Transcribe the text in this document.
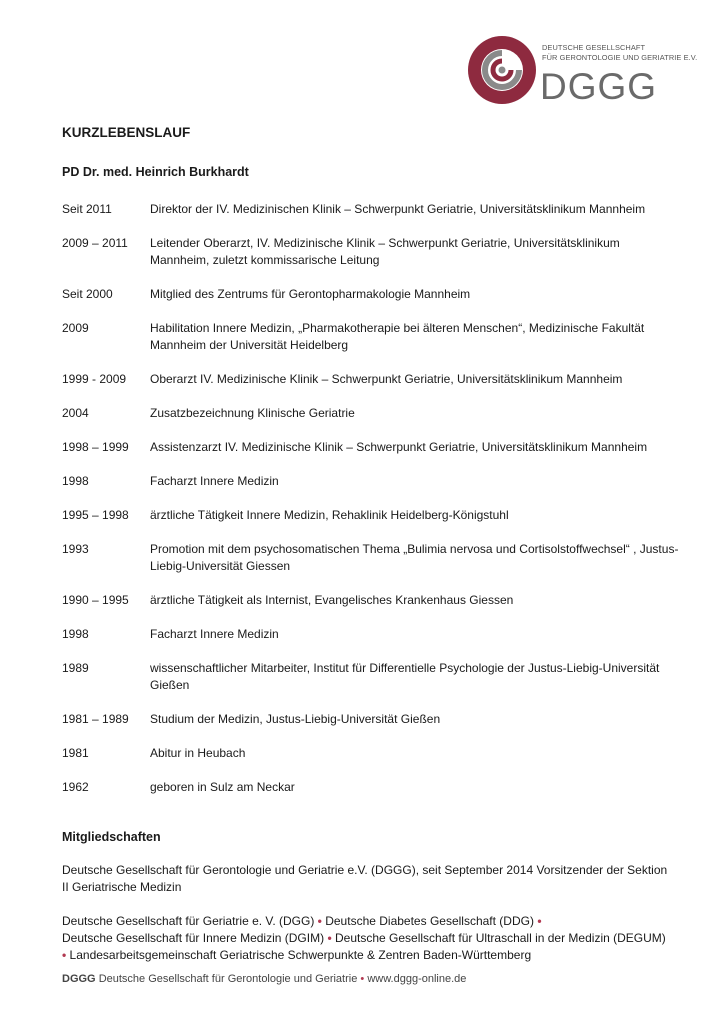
DEUTSCHE GESELLSCHAFT
FÜR GERONTOLOGIE UND GERIATRIE E.V.
DGGG
KURZLEBENSLAUF
PD Dr. med. Heinrich Burkhardt
Seit 2011	Direktor der IV. Medizinischen Klinik – Schwerpunkt Geriatrie, Universitätsklinikum Mannheim
2009 – 2011	Leitender Oberarzt, IV. Medizinische Klinik – Schwerpunkt Geriatrie, Universitätsklinikum Mannheim, zuletzt kommissarische Leitung
Seit 2000	Mitglied des Zentrums für Gerontopharmakologie Mannheim
2009	Habilitation Innere Medizin, „Pharmakotherapie bei älteren Menschen“, Medizinische Fakultät Mannheim der Universität Heidelberg
1999 - 2009	Oberarzt IV. Medizinische Klinik – Schwerpunkt Geriatrie, Universitätsklinikum Mannheim
2004	Zusatzbezeichnung Klinische Geriatrie
1998 – 1999	Assistenzarzt IV. Medizinische Klinik – Schwerpunkt Geriatrie, Universitätsklinikum Mannheim
1998	Facharzt Innere Medizin
1995 – 1998	ärztliche Tätigkeit Innere Medizin, Rehaklinik Heidelberg-Königstuhl
1993	Promotion mit dem psychosomatischen Thema „Bulimia nervosa und Cortisolstoffwechsel“ , Justus-Liebig-Universität Giessen
1990 – 1995	ärztliche Tätigkeit als Internist, Evangelisches Krankenhaus Giessen
1998	Facharzt Innere Medizin
1989	wissenschaftlicher Mitarbeiter, Institut für Differentielle Psychologie der Justus-Liebig-Universität Gießen
1981 – 1989	Studium der Medizin, Justus-Liebig-Universität Gießen
1981	Abitur in Heubach
1962	geboren in Sulz am Neckar
Mitgliedschaften
Deutsche Gesellschaft für Gerontologie und Geriatrie e.V. (DGGG), seit September 2014 Vorsitzender der Sektion II Geriatrische Medizin
Deutsche Gesellschaft für Geriatrie e. V. (DGG) • Deutsche Diabetes Gesellschaft (DDG) •
Deutsche Gesellschaft für Innere Medizin (DGIM) • Deutsche Gesellschaft für Ultraschall in der Medizin (DEGUM) • Landesarbeitsgemeinschaft Geriatrische Schwerpunkte & Zentren Baden-Württemberg
DGGG Deutsche Gesellschaft für Gerontologie und Geriatrie • www.dggg-online.de
